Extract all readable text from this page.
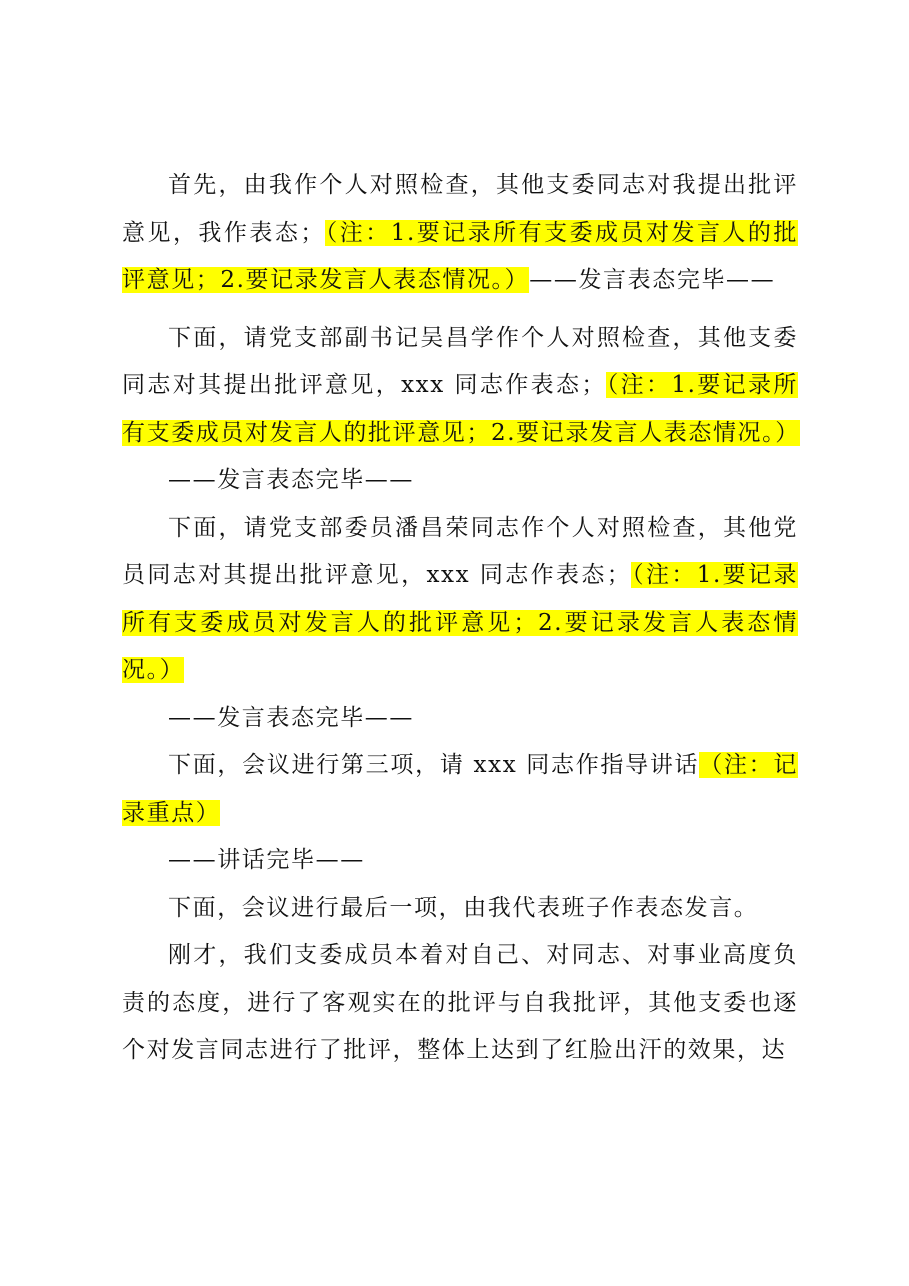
首先，由我作个人对照检查，其他支委同志对我提出批评意见，我作表态；（注：1.要记录所有支委成员对发言人的批评意见；2.要记录发言人表态情况。）——发言表态完毕——

下面，请党支部副书记吴昌学作个人对照检查，其他支委同志对其提出批评意见，xxx 同志作表态；（注：1.要记录所有支委成员对发言人的批评意见；2.要记录发言人表态情况。）

——发言表态完毕——

下面，请党支部委员潘昌荣同志作个人对照检查，其他党员同志对其提出批评意见，xxx 同志作表态；（注：1.要记录所有支委成员对发言人的批评意见；2.要记录发言人表态情况。）

——发言表态完毕——

下面，会议进行第三项，请 xxx 同志作指导讲话（注：记录重点）

——讲话完毕——

下面，会议进行最后一项，由我代表班子作表态发言。

刚才，我们支委成员本着对自己、对同志、对事业高度负责的态度，进行了客观实在的批评与自我批评，其他支委也逐个对发言同志进行了批评，整体上达到了红脸出汗的效果，达
